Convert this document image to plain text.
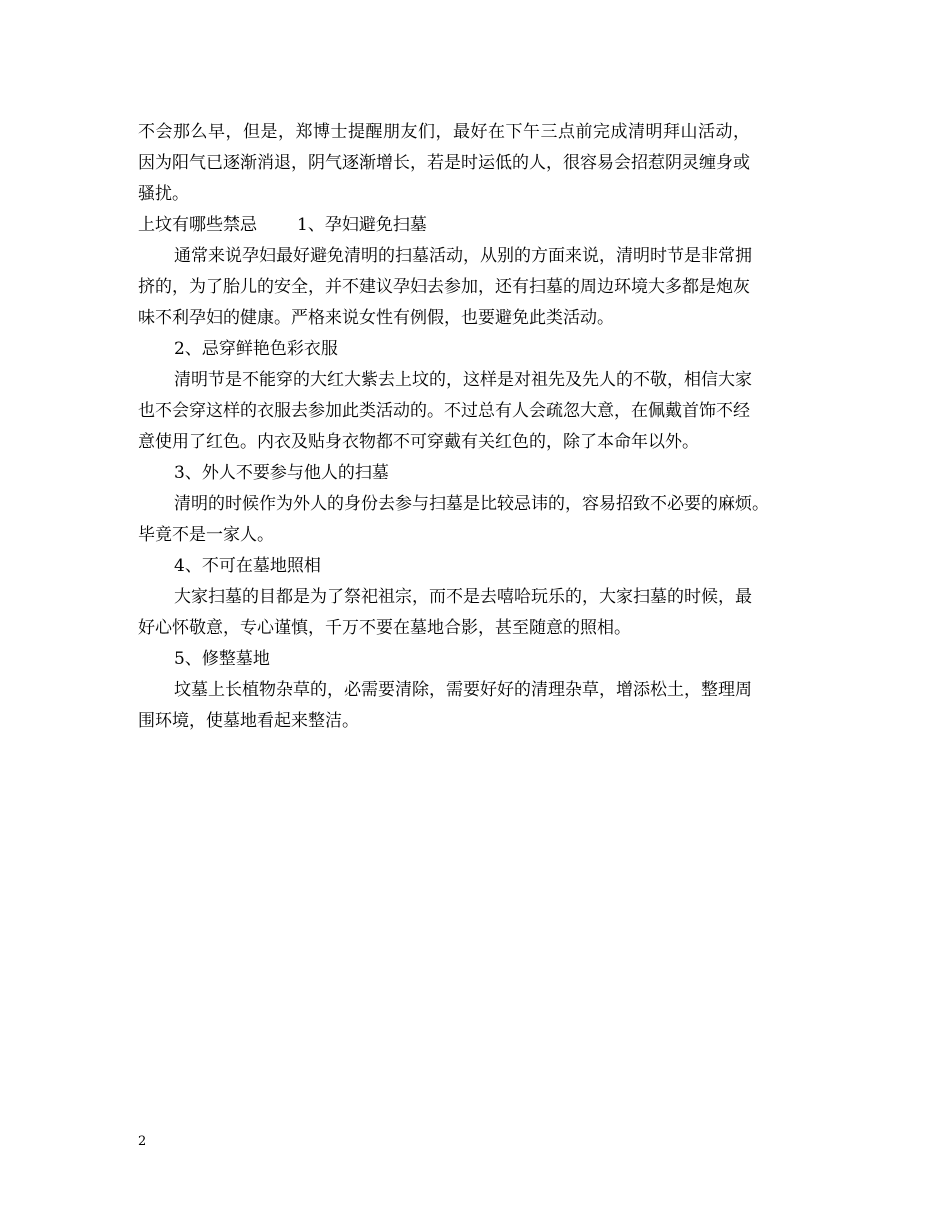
不会那么早，但是，郑博士提醒朋友们，最好在下午三点前完成清明拜山活动，
因为阳气已逐渐消退，阴气逐渐增长，若是时运低的人，很容易会招惹阴灵缠身或
骚扰。
上坟有哪些禁忌 1、孕妇避免扫墓
通常来说孕妇最好避免清明的扫墓活动，从别的方面来说，清明时节是非常拥
挤的，为了胎儿的安全，并不建议孕妇去参加，还有扫墓的周边环境大多都是炮灰
味不利孕妇的健康。严格来说女性有例假，也要避免此类活动。
2、忌穿鲜艳色彩衣服
清明节是不能穿的大红大紫去上坟的，这样是对祖先及先人的不敬，相信大家
也不会穿这样的衣服去参加此类活动的。不过总有人会疏忽大意，在佩戴首饰不经
意使用了红色。内衣及贴身衣物都不可穿戴有关红色的，除了本命年以外。
3、外人不要参与他人的扫墓
清明的时候作为外人的身份去参与扫墓是比较忌讳的，容易招致不必要的麻烦。
毕竟不是一家人。
4、不可在墓地照相
大家扫墓的目都是为了祭祀祖宗，而不是去嘻哈玩乐的，大家扫墓的时候，最
好心怀敬意，专心谨慎，千万不要在墓地合影，甚至随意的照相。
5、修整墓地
坟墓上长植物杂草的，必需要清除，需要好好的清理杂草，增添松土，整理周
围环境，使墓地看起来整洁。
2
